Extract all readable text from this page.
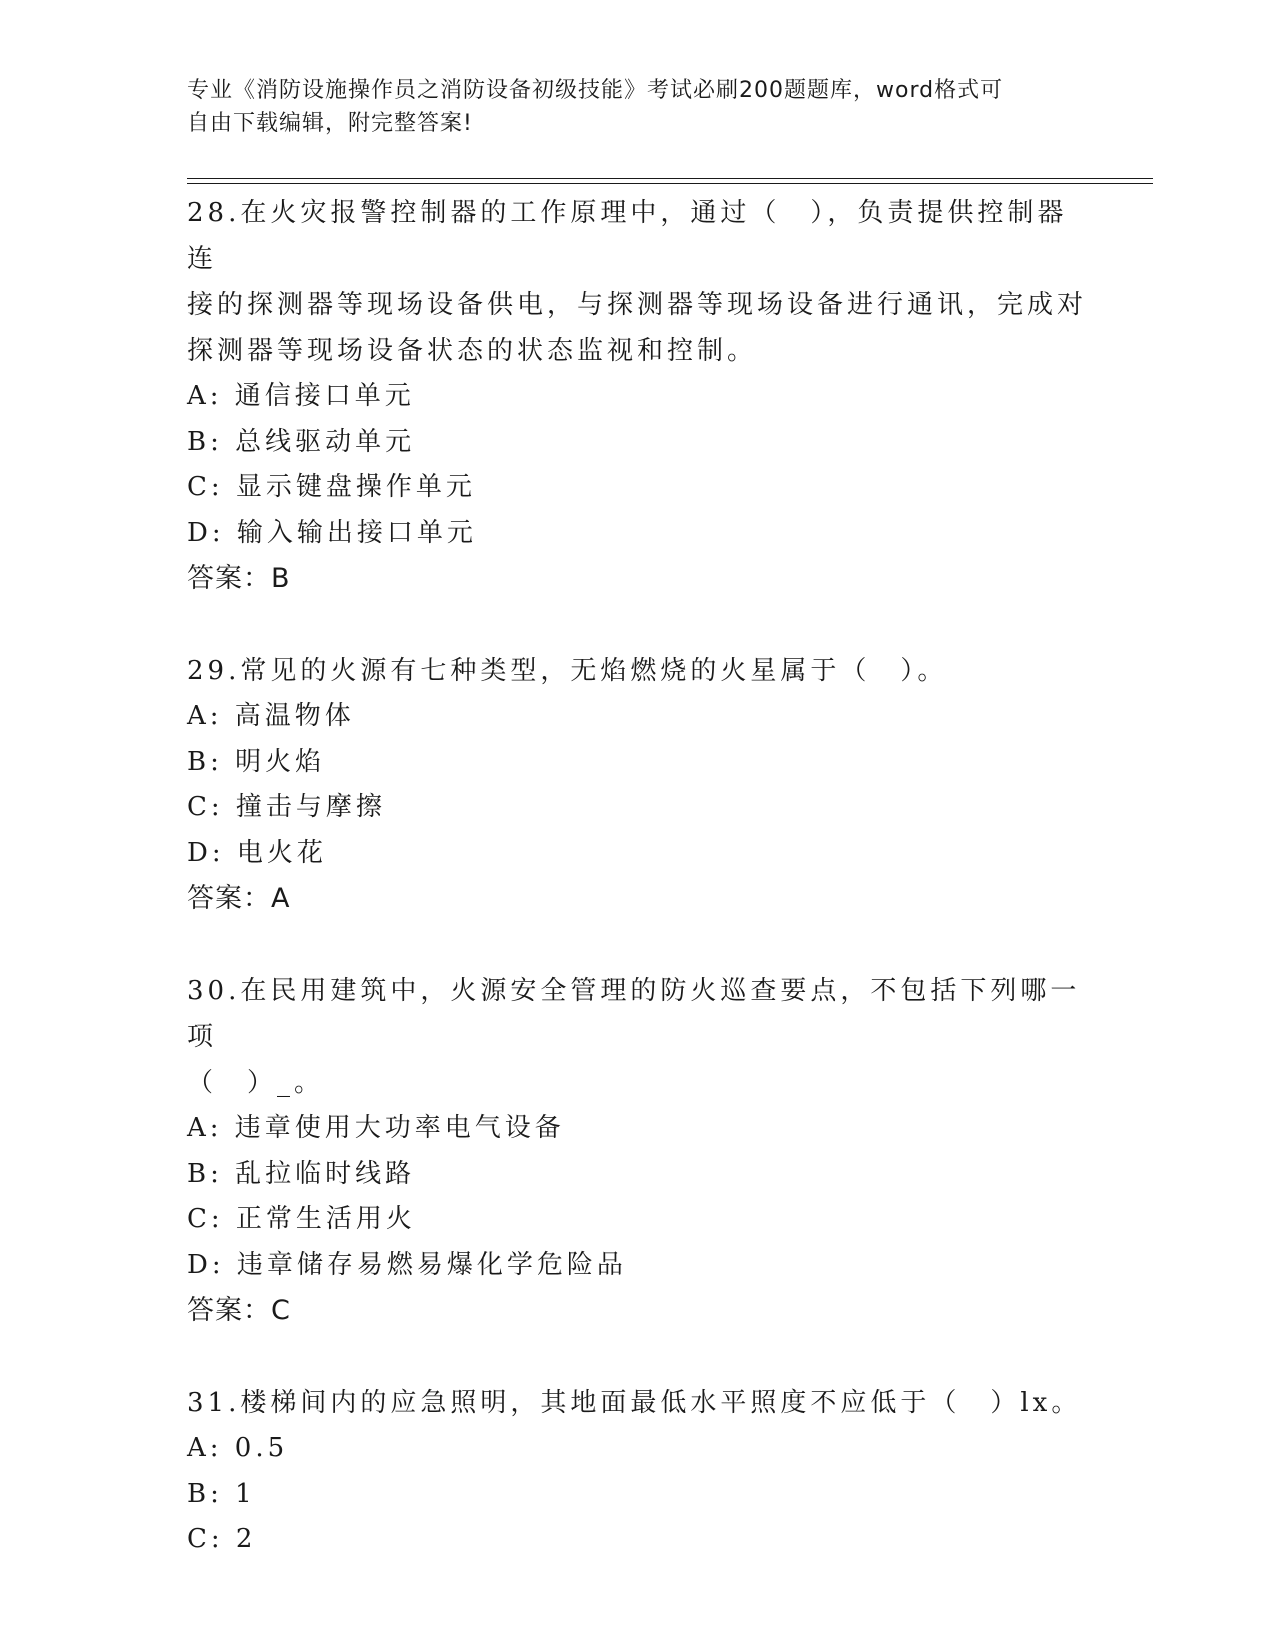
专业《消防设施操作员之消防设备初级技能》考试必刷200题题库，word格式可
自由下载编辑，附完整答案!
28.在火灾报警控制器的工作原理中，通过（　），负责提供控制器连
接的探测器等现场设备供电，与探测器等现场设备进行通讯，完成对
探测器等现场设备状态的状态监视和控制。
A: 通信接口单元
B: 总线驱动单元
C: 显示键盘操作单元
D: 输入输出接口单元
答案：B
29.常见的火源有七种类型，无焰燃烧的火星属于（　）。
A: 高温物体
B: 明火焰
C: 撞击与摩擦
D: 电火花
答案：A
30.在民用建筑中，火源安全管理的防火巡查要点，不包括下列哪一项
（　）_。
A: 违章使用大功率电气设备
B: 乱拉临时线路
C: 正常生活用火
D: 违章储存易燃易爆化学危险品
答案：C
31.楼梯间内的应急照明，其地面最低水平照度不应低于（　）lx。
A: 0.5
B: 1
C: 2
